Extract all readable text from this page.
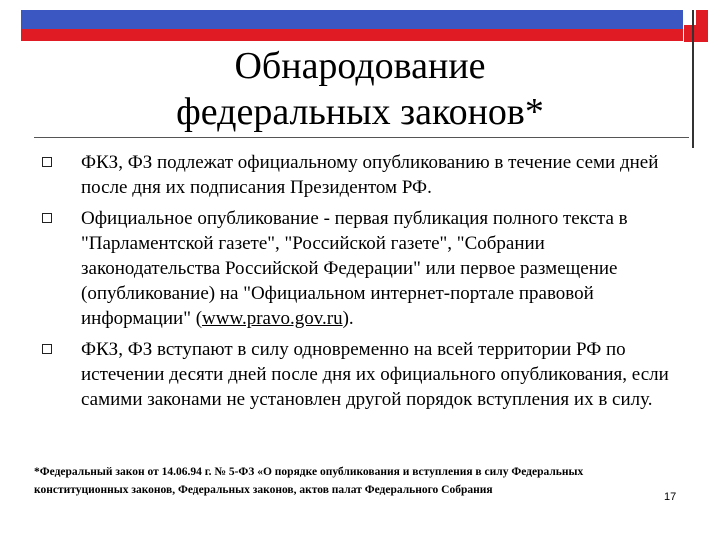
Обнародование
федеральных законов*
ФКЗ, ФЗ подлежат официальному опубликованию в течение семи дней после дня их подписания Президентом РФ.
Официальное опубликование - первая публикация полного текста в "Парламентской газете", "Российской газете", "Собрании законодательства Российской Федерации" или первое размещение (опубликование) на "Официальном интернет-портале правовой информации" (www.pravo.gov.ru).
ФКЗ, ФЗ вступают в силу одновременно на всей территории РФ по истечении десяти дней после дня их официального опубликования, если самими законами не установлен другой порядок вступления их в силу.
*Федеральный закон от 14.06.94 г. № 5-ФЗ «О порядке опубликования и вступления в силу Федеральных конституционных законов, Федеральных законов, актов палат Федерального Собрания
17
